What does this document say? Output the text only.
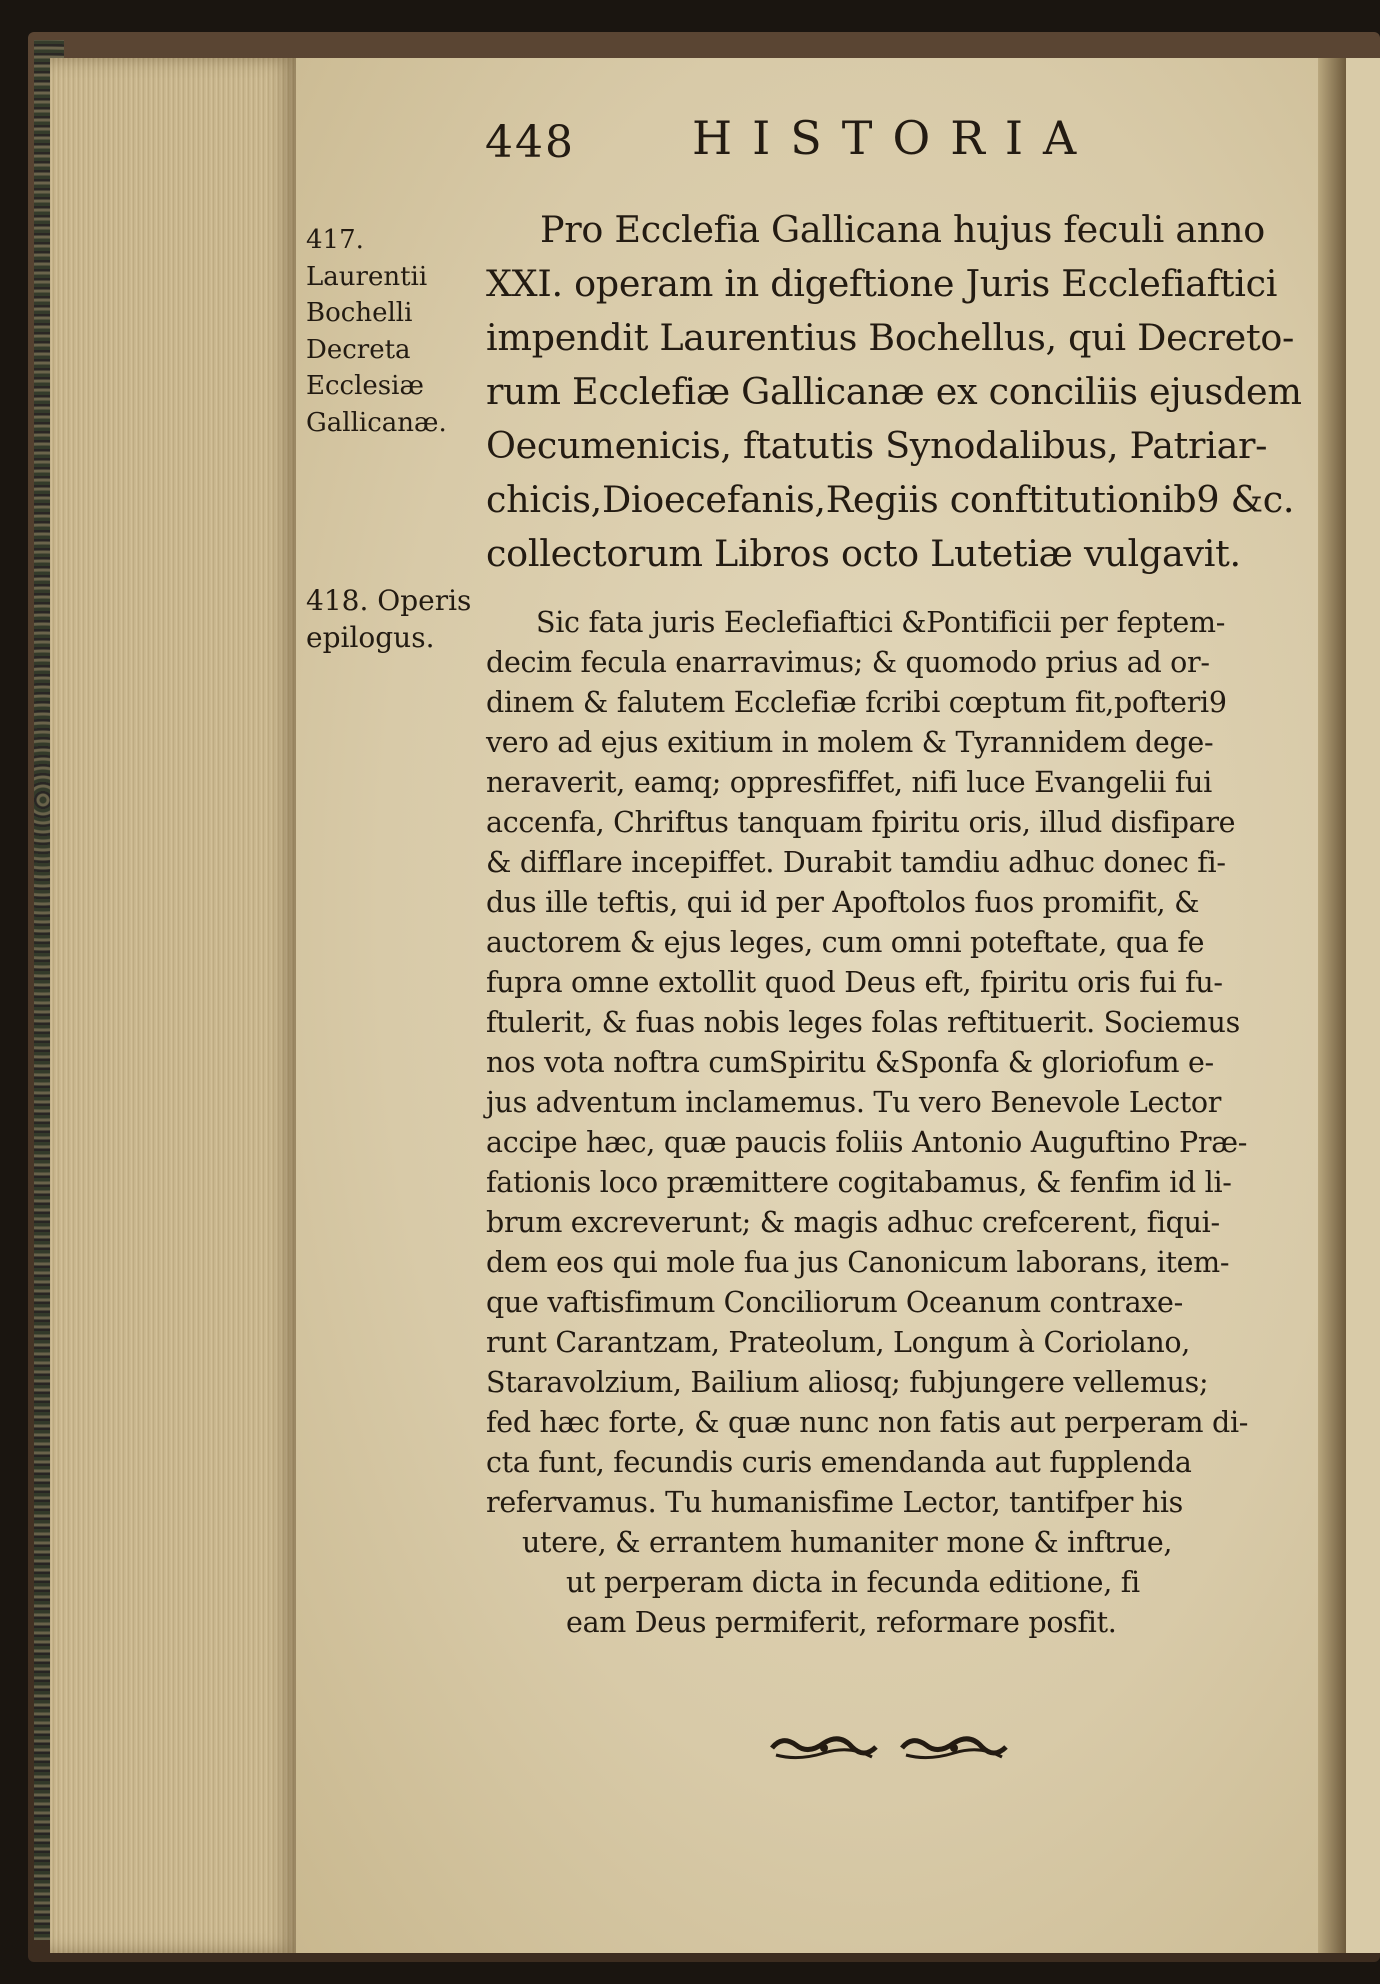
448	HISTORIA
417. Laurentii Bochelli Decreta Ecclesiæ Gallicanæ.
418. Operis epilogus.

Pro Ecclefia Gallicana hujus feculi anno

XXI. operam in digeftione Juris Ecclefiaftici

impendit Laurentius Bochellus, qui Decreto-

rum Ecclefiæ Gallicanæ ex conciliis ejusdem

Oecumenicis, ftatutis Synodalibus, Patriar-

chicis,Dioecefanis,Regiis conftitutionib9 &c.

collectorum Libros octo Lutetiæ vulgavit.

Sic fata juris Eeclefiaftici &Pontificii per feptem-

decim fecula enarravimus; & quomodo prius ad or-

dinem & falutem Ecclefiæ fcribi cœptum fit,pofteri9

vero ad ejus exitium in molem & Tyrannidem dege-

neraverit, eamq; oppresfiffet, nifi luce Evangelii fui

accenfa, Chriftus tanquam fpiritu oris, illud disfipare

& difflare incepiffet. Durabit tamdiu adhuc donec fi-

dus ille teftis, qui id per Apoftolos fuos promifit, &

auctorem & ejus leges, cum omni poteftate, qua fe

fupra omne extollit quod Deus eft, fpiritu oris fui fu-

ftulerit, & fuas nobis leges folas reftituerit. Sociemus

nos vota noftra cumSpiritu &Sponfa & gloriofum e-

jus adventum inclamemus. Tu vero Benevole Lector

accipe hæc, quæ paucis foliis Antonio Auguftino Præ-

fationis loco præmittere cogitabamus, & fenfim id li-

brum excreverunt; & magis adhuc crefcerent, fiqui-

dem eos qui mole fua jus Canonicum laborans, item-

que vaftisfimum Conciliorum Oceanum contraxe-

runt Carantzam, Prateolum, Longum à Coriolano,

Staravolzium, Bailium aliosq; fubjungere vellemus;

fed hæc forte, & quæ nunc non fatis aut perperam di-

cta funt, fecundis curis emendanda aut fupplenda

refervamus. Tu humanisfime Lector, tantifper his

utere, & errantem humaniter mone & inftrue,

ut perperam dicta in fecunda editione, fi

eam Deus permiferit, reformare posfit.
